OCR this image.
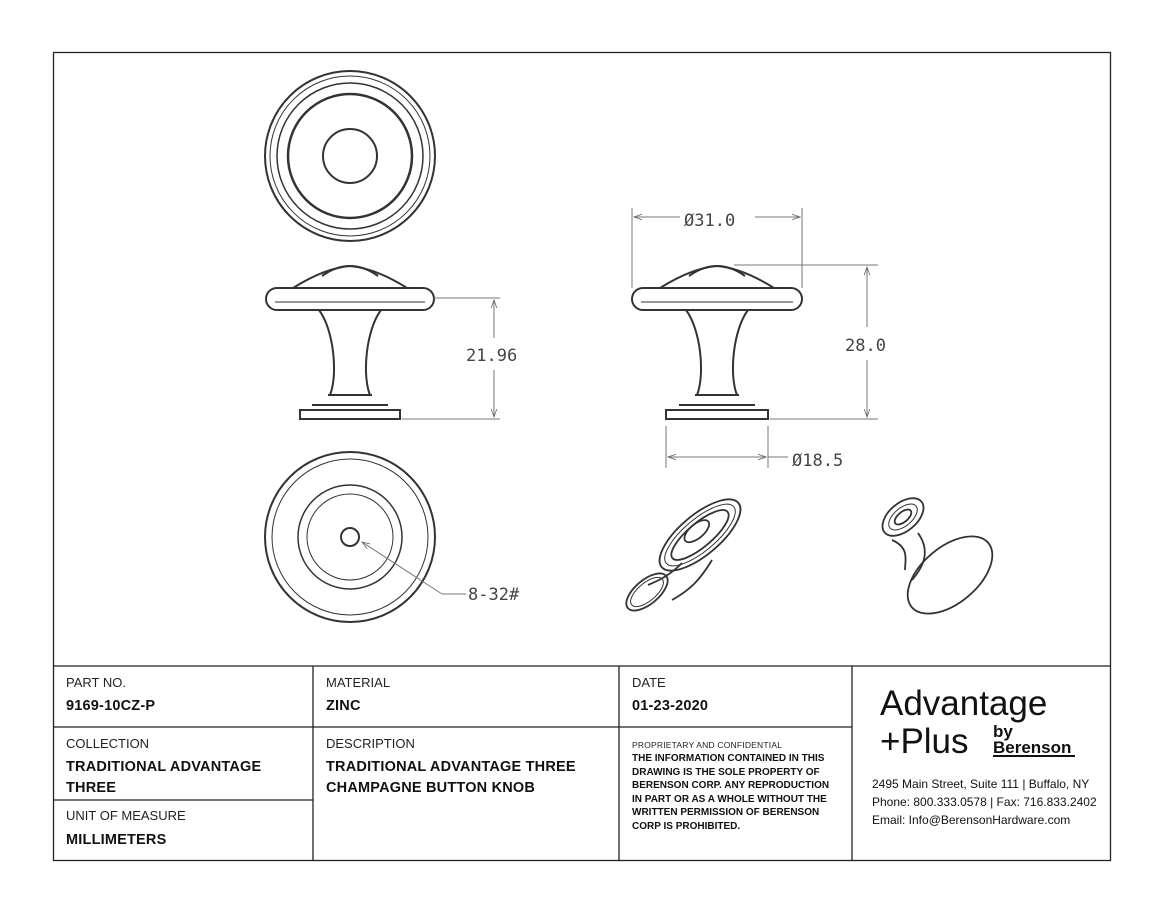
21.96
8-32#
Ø31.0
28.0
Ø18.5
PART NO.
9169-10CZ-P
MATERIAL
ZINC
DATE
01-23-2020
COLLECTION
TRADITIONAL ADVANTAGE
THREE
DESCRIPTION
TRADITIONAL ADVANTAGE THREE
CHAMPAGNE BUTTON KNOB
UNIT OF MEASURE
MILLIMETERS
PROPRIETARY AND CONFIDENTIAL
THE INFORMATION CONTAINED IN THIS
DRAWING IS THE SOLE PROPERTY OF
BERENSON CORP. ANY REPRODUCTION
IN PART OR AS A WHOLE WITHOUT THE
WRITTEN PERMISSION OF BERENSON
CORP IS PROHIBITED.
Advantage
+Plus by
Berenson
2495 Main Street, Suite 111 | Buffalo, NY
Phone: 800.333.0578 | Fax: 716.833.2402
Email: Info@BerensonHardware.com
